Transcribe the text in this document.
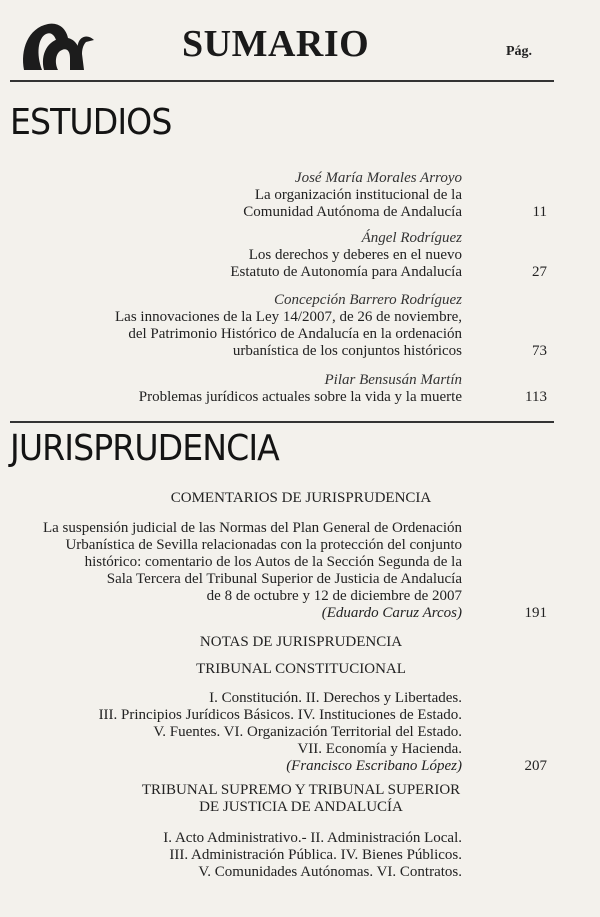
SUMARIO	Pág.
ESTUDIOS
José María Morales Arroyo
La organización institucional de la
Comunidad Autónoma de Andalucía	11
Ángel Rodríguez
Los derechos y deberes en el nuevo
Estatuto de Autonomía para Andalucía	27
Concepción Barrero Rodríguez
Las innovaciones de la Ley 14/2007, de 26 de noviembre,
del Patrimonio Histórico de Andalucía en la ordenación
urbanística de los conjuntos históricos	73
Pilar Bensusán Martín
Problemas jurídicos actuales sobre la vida y la muerte	113
JURISPRUDENCIA
COMENTARIOS DE JURISPRUDENCIA
La suspensión judicial de las Normas del Plan General de Ordenación
Urbanística de Sevilla relacionadas con la protección del conjunto
histórico: comentario de los Autos de la Sección Segunda de la
Sala Tercera del Tribunal Superior de Justicia de Andalucía
de 8 de octubre y 12 de diciembre de 2007
(Eduardo Caruz Arcos)	191
NOTAS DE JURISPRUDENCIA
TRIBUNAL CONSTITUCIONAL
I. Constitución. II. Derechos y Libertades.
III. Principios Jurídicos Básicos. IV. Instituciones de Estado.
V. Fuentes. VI. Organización Territorial del Estado.
VII. Economía y Hacienda.
(Francisco Escribano López)	207
TRIBUNAL SUPREMO Y TRIBUNAL SUPERIOR
DE JUSTICIA DE ANDALUCÍA
I. Acto Administrativo.- II. Administración Local.
III. Administración Pública. IV. Bienes Públicos.
V. Comunidades Autónomas. VI. Contratos.
